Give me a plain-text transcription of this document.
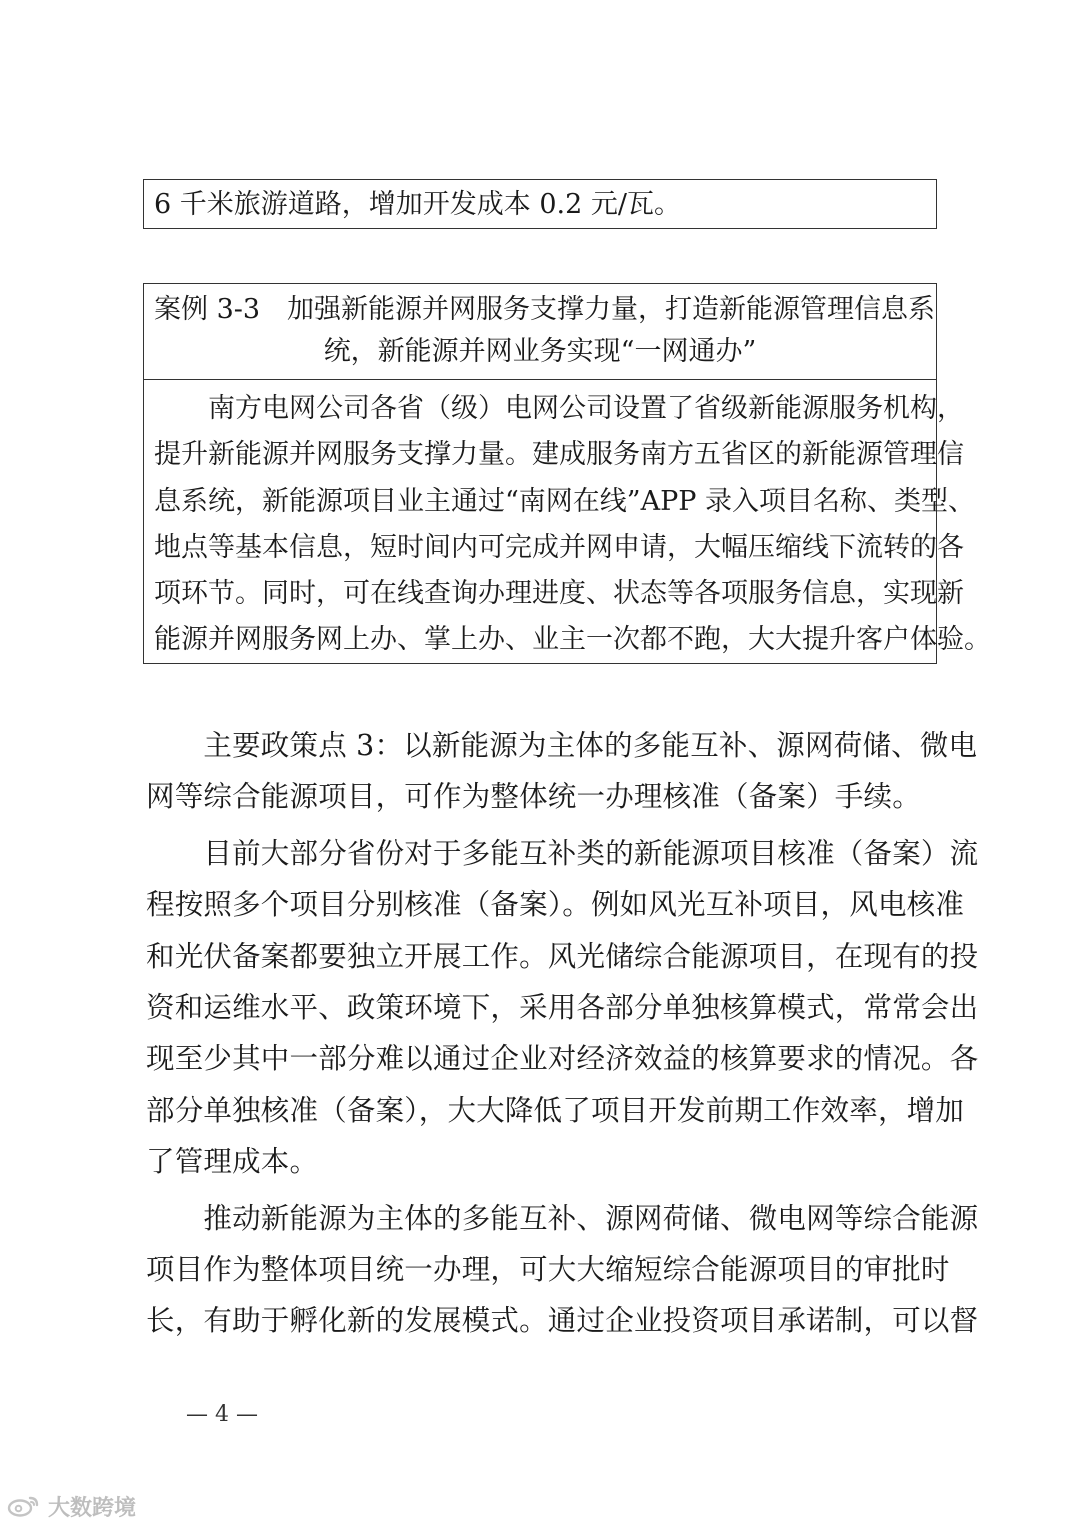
6 千米旅游道路，增加开发成本 0.2 元/瓦。
案例 3-3　加强新能源并网服务支撑力量，打造新能源管理信息系
统，新能源并网业务实现“一网通办”

　　南方电网公司各省（级）电网公司设置了省级新能源服务机构，

提升新能源并网服务支撑力量。建成服务南方五省区的新能源管理信

息系统，新能源项目业主通过“南网在线”APP 录入项目名称、类型、

地点等基本信息，短时间内可完成并网申请，大幅压缩线下流转的各

项环节。同时，可在线查询办理进度、状态等各项服务信息，实现新

能源并网服务网上办、掌上办、业主一次都不跑，大大提升客户体验。

　　主要政策点 3：以新能源为主体的多能互补、源网荷储、微电

网等综合能源项目，可作为整体统一办理核准（备案）手续。

　　目前大部分省份对于多能互补类的新能源项目核准（备案）流

程按照多个项目分别核准（备案）。例如风光互补项目，风电核准

和光伏备案都要独立开展工作。风光储综合能源项目，在现有的投

资和运维水平、政策环境下，采用各部分单独核算模式，常常会出

现至少其中一部分难以通过企业对经济效益的核算要求的情况。各

部分单独核准（备案），大大降低了项目开发前期工作效率，增加

了管理成本。

　　推动新能源为主体的多能互补、源网荷储、微电网等综合能源

项目作为整体项目统一办理，可大大缩短综合能源项目的审批时

长，有助于孵化新的发展模式。通过企业投资项目承诺制，可以督

— 4 —
大数跨境
